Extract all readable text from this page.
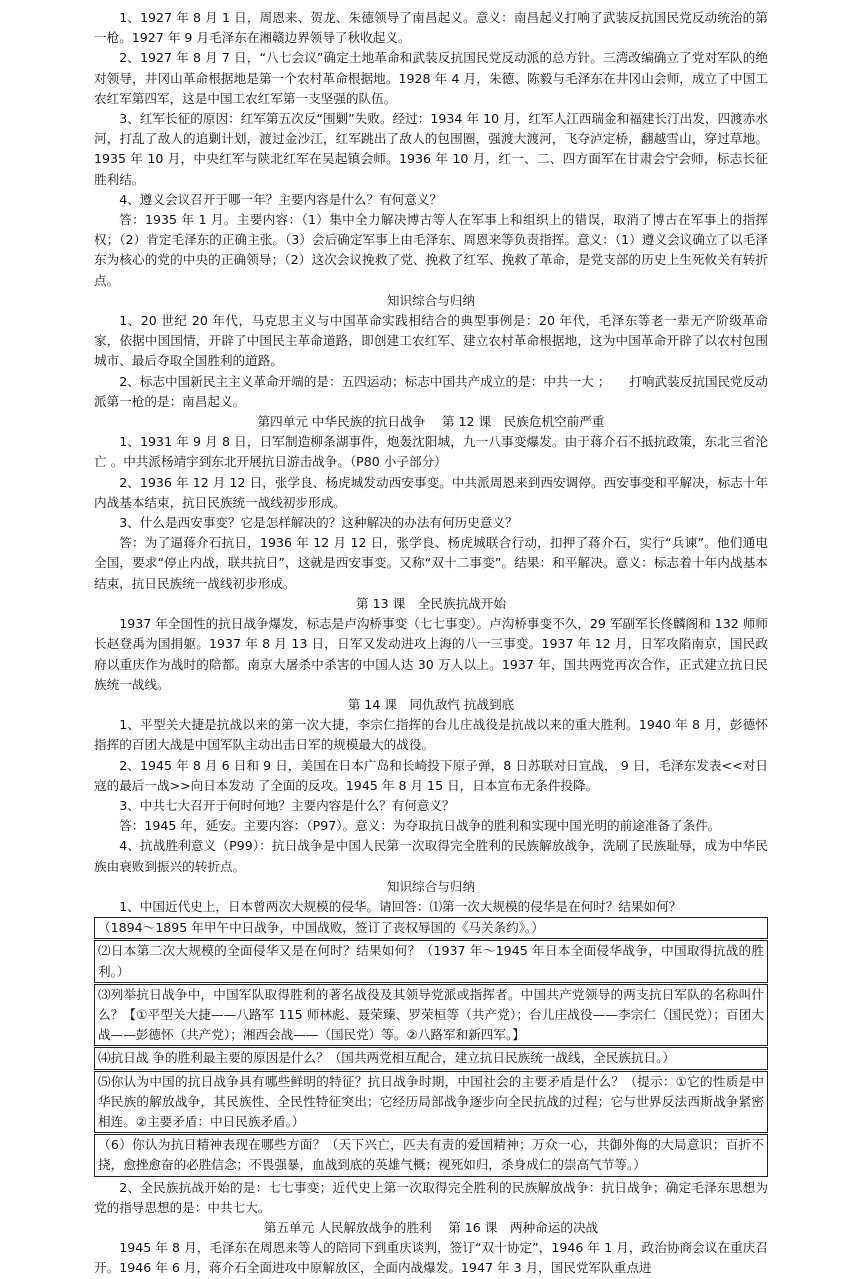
1、1927 年 8 月 1 日，周恩来、贺龙、朱德领导了南昌起义。意义：南昌起义打响了武装反抗国民党反动统治的第一枪。1927 年 9 月毛泽东在湘赣边界领导了秋收起义。

2、1927 年 8 月 7 日，“八七会议”确定土地革命和武装反抗国民党反动派的总方针。三湾改编确立了党对军队的绝对领导，井冈山革命根据地是第一个农村革命根据地。1928 年 4 月，朱德、陈毅与毛泽东在井冈山会师，成立了中国工农红军第四军，这是中国工农红军第一支坚强的队伍。

3、红军长征的原因：红军第五次反“围剿”失败。经过：1934 年 10 月，红军人江西瑞金和福建长汀出发，四渡赤水河，打乱了敌人的追剿计划，渡过金沙江，红军跳出了敌人的包围圈，强渡大渡河，飞夺泸定桥，翻越雪山，穿过草地。1935 年 10 月，中央红军与陕北红军在吴起镇会师。1936 年 10 月，红一、二、四方面军在甘肃会宁会师，标志长征胜利结。

4、遵义会议召开于哪一年？主要内容是什么？有何意义？

答：1935 年 1 月。主要内容：（1）集中全力解决博古等人在军事上和组织上的错误，取消了博古在军事上的指挥权；（2）肯定毛泽东的正确主张。（3）会后确定军事上由毛泽东、周恩来等负责指挥。意义：（1）遵义会议确立了以毛泽东为核心的党的中央的正确领导；（2）这次会议挽救了党、挽救了红军、挽救了革命，是党支部的历史上生死攸关有转折点。

知识综合与归纳

1、20 世纪 20 年代，马克思主义与中国革命实践相结合的典型事例是：20 年代，毛泽东等老一辈无产阶级革命家，依据中国国情，开辟了中国民主革命道路，即创建工农红军、建立农村革命根据地，这为中国革命开辟了以农村包围城市、最后夺取全国胜利的道路。

2、标志中国新民主主义革命开端的是：五四运动；标志中国共产成立的是：中共一大 ；　　打响武装反抗国民党反动派第一枪的是：南昌起义。

第四单元 中华民族的抗日战争　 第 12 课　民族危机空前严重

1、1931 年 9 月 8 日，日军制造柳条湖事件，炮轰沈阳城，九一八事变爆发。由于蒋介石不抵抗政策，东北三省沦亡 。中共派杨靖宇到东北开展抗日游击战争。（P80 小子部分）

2、1936 年 12 月 12 日，张学良、杨虎城发动西安事变。中共派周恩来到西安调停。西安事变和平解决，标志十年内战基本结束，抗日民族统一战线初步形成。

3、什么是西安事变？它是怎样解决的？这种解决的办法有何历史意义？

答：为了逼蒋介石抗日，1936 年 12 月 12 日，张学良、杨虎城联合行动，扣押了蒋介石，实行“兵谏”。他们通电全国，要求“停止内战，联共抗日”，这就是西安事变。又称“双十二事变”。结果：和平解决。意义：标志着十年内战基本结束，抗日民族统一战线初步形成。

第 13 课　全民族抗战开始

1937 年全国性的抗日战争爆发，标志是卢沟桥事变（七七事变）。卢沟桥事变不久，29 军副军长佟麟阁和 132 师师长赵登禹为国捐躯。1937 年 8 月 13 日，日军又发动进攻上海的八一三事变。1937 年 12 月，日军攻陷南京，国民政府以重庆作为战时的陪都。南京大屠杀中杀害的中国人达 30 万人以上。1937 年，国共两党再次合作，正式建立抗日民族统一战线。

第 14 课　同仇敌忾 抗战到底

1、平型关大捷是抗战以来的第一次大捷，李宗仁指挥的台儿庄战役是抗战以来的重大胜利。1940 年 8 月，彭德怀指挥的百团大战是中国军队主动出击日军的规模最大的战役。

2、1945 年 8 月 6 日和 9 日，美国在日本广岛和长崎投下原子弹，8 日苏联对日宣战， 9 日，毛泽东发表<<对日寇的最后一战>>向日本发动 了全面的反攻。1945 年 8 月 15 日，日本宣布无条件投降。

3、中共七大召开于何时何地？主要内容是什么？有何意义？

答：1945 年，延安。主要内容：（P97）。意义：为夺取抗日战争的胜利和实现中国光明的前途准备了条件。

4、抗战胜利意义（P99）：抗日战争是中国人民第一次取得完全胜利的民族解放战争，洗刷了民族耻辱，成为中华民族由衰败到振兴的转折点。

知识综合与归纳

1、中国近代史上，日本曾两次大规模的侵华。请回答：⑴第一次大规模的侵华是在何时？结果如何？

（1894～1895 年甲午中日战争，中国战败，签订了丧权辱国的《马关条约》。）

⑵日本第二次大规模的全面侵华又是在何时？结果如何？（1937 年～1945 年日本全面侵华战争，中国取得抗战的胜利。）

⑶列举抗日战争中，中国军队取得胜利的著名战役及其领导党派或指挥者。中国共产党领导的两支抗日军队的名称叫什么？【①平型关大捷——八路军 115 师林彪、聂荣臻、罗荣桓等（共产党）；台儿庄战役——李宗仁（国民党）；百团大战——彭德怀（共产党）；湘西会战——（国民党）等。②八路军和新四军。】

⑷抗日战 争的胜利最主要的原因是什么？（国共两党相互配合，建立抗日民族统一战线，全民族抗日。）

⑸你认为中国的抗日战争具有哪些鲜明的特征？抗日战争时期，中国社会的主要矛盾是什么？（提示：①它的性质是中华民族的解放战争，其民族性、全民性特征突出；它经历局部战争逐步向全民抗战的过程；它与世界反法西斯战争紧密相连。②主要矛盾：中日民族矛盾。）

（6）你认为抗日精神表现在哪些方面？（天下兴亡，匹夫有责的爱国精神；万众一心，共御外侮的大局意识；百折不挠，愈挫愈奋的必胜信念；不畏强暴，血战到底的英雄气概；视死如归，杀身成仁的崇高气节等。）

2、全民族抗战开始的是：七七事变；近代史上第一次取得完全胜利的民族解放战争：抗日战争；确定毛泽东思想为党的指导思想的是：中共七大。

第五单元 人民解放战争的胜利　 第 16 课　两种命运的决战

1945 年 8 月，毛泽东在周恩来等人的陪同下到重庆谈判，签订“双十协定”，1946 年 1 月，政治协商会议在重庆召开。1946 年 6 月，蒋介石全面进攻中原解放区，全面内战爆发。1947 年 3 月，国民党军队重点进
